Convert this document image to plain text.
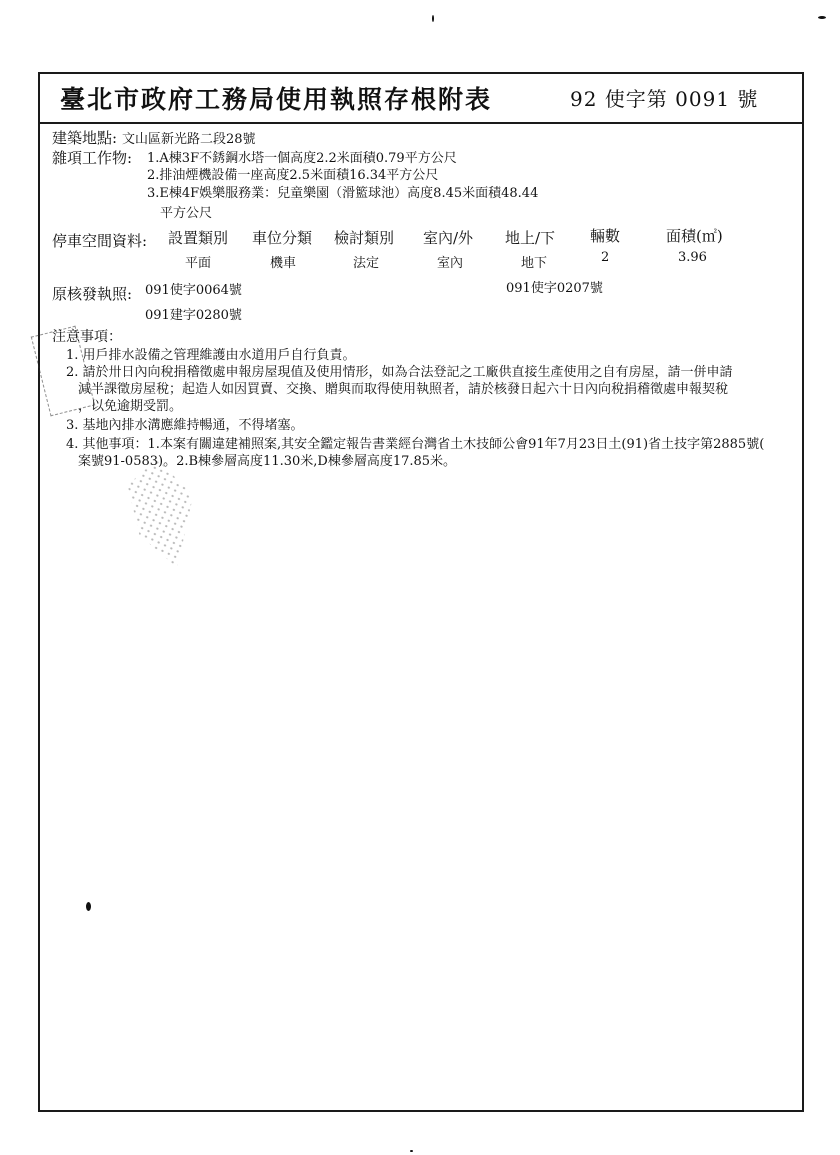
臺北市政府工務局使用執照存根附表	92 使字第 0091 號
建築地點: 文山區新光路二段28號
雜項工作物: 1.A棟3F不銹鋼水塔一個高度2.2米面積0.79平方公尺
2.排油煙機設備一座高度2.5米面積16.34平方公尺
3.E棟4F娛樂服務業：兒童樂園（滑籃球池）高度8.45米面積48.44
平方公尺
停車空間資料: 設置類別 車位分類 檢討類別 室內/外 地上/下 輛數	面積(㎡)
平面	機車	法定	室內	地下	2	3.96
原核發執照: 091使字0064號
091建字0280號
091使字0207號
注意事項：
1. 用戶排水設備之管理維護由水道用戶自行負責。
2. 請於卅日內向稅捐稽徵處申報房屋現值及使用情形，如為合法登記之工廠供直接生產使用之自有房屋，請一併申請
減半課徵房屋稅；起造人如因買賣、交換、贈與而取得使用執照者，請於核發日起六十日內向稅捐稽徵處申報契稅
，以免逾期受罰。
3. 基地內排水溝應維持暢通，不得堵塞。
4. 其他事項：1.本案有關違建補照案,其安全鑑定報告書業經台灣省土木技師公會91年7月23日土(91)省土技字第2885號(
案號91-0583)。2.B棟參層高度11.30米,D棟參層高度17.85米。
